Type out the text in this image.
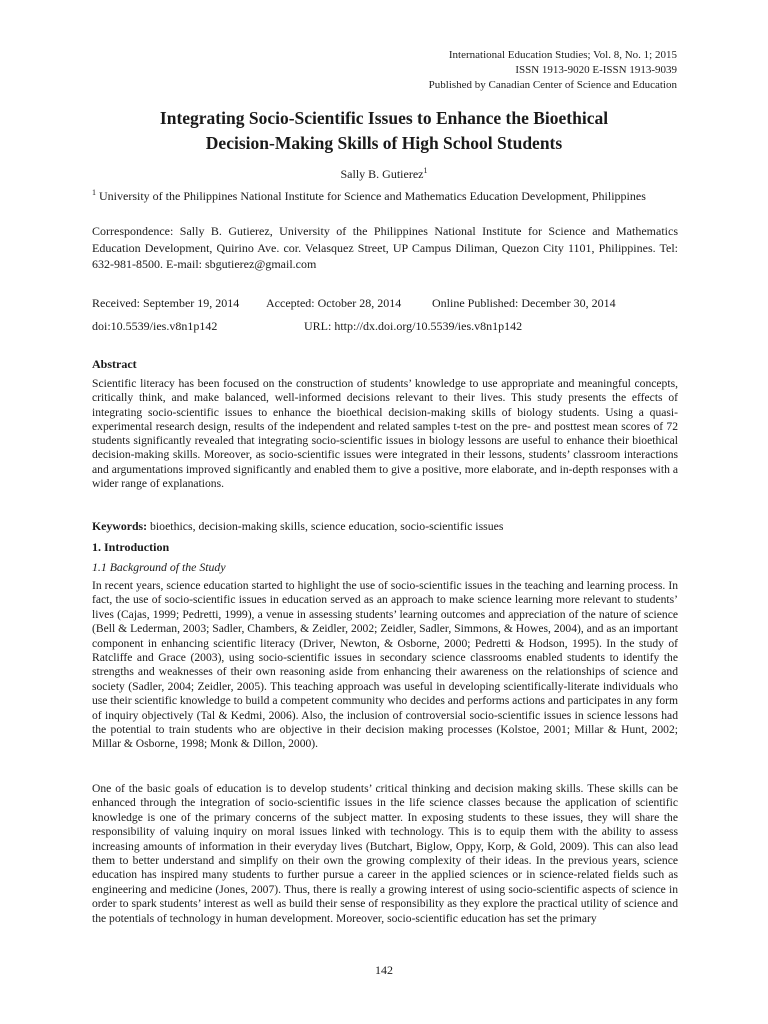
International Education Studies; Vol. 8, No. 1; 2015
ISSN 1913-9020 E-ISSN 1913-9039
Published by Canadian Center of Science and Education
Integrating Socio-Scientific Issues to Enhance the Bioethical
Decision-Making Skills of High School Students
Sally B. Gutierez$^1$
$^1$ University of the Philippines National Institute for Science and Mathematics Education Development, Philippines
Correspondence: Sally B. Gutierez, University of the Philippines National Institute for Science and Mathematics Education Development, Quirino Ave. cor. Velasquez Street, UP Campus Diliman, Quezon City 1101, Philippines. Tel: 632-981-8500. E-mail: sbgutierez@gmail.com
Received: September 19, 2014 Accepted: October 28, 2014	Online Published: December 30, 2014
doi:10.5539/ies.v8n1p142	URL: http://dx.doi.org/10.5539/ies.v8n1p142
Abstract
Scientific literacy has been focused on the construction of students’ knowledge to use appropriate and meaningful concepts, critically think, and make balanced, well-informed decisions relevant to their lives. This study presents the effects of integrating socio-scientific issues to enhance the bioethical decision-making skills of biology students. Using a quasi-experimental research design, results of the independent and related samples t-test on the pre- and posttest mean scores of 72 students significantly revealed that integrating socio-scientific issues in biology lessons are useful to enhance their bioethical decision-making skills. Moreover, as socio-scientific issues were integrated in their lessons, students’ classroom interactions and argumentations improved significantly and enabled them to give a positive, more elaborate, and in-depth responses with a wider range of explanations.
Keywords: bioethics, decision-making skills, science education, socio-scientific issues
1. Introduction
1.1 Background of the Study
In recent years, science education started to highlight the use of socio-scientific issues in the teaching and learning process. In fact, the use of socio-scientific issues in education served as an approach to make science learning more relevant to students’ lives (Cajas, 1999; Pedretti, 1999), a venue in assessing students’ learning outcomes and appreciation of the nature of science (Bell & Lederman, 2003; Sadler, Chambers, & Zeidler, 2002; Zeidler, Sadler, Simmons, & Howes, 2004), and as an important component in enhancing scientific literacy (Driver, Newton, & Osborne, 2000; Pedretti & Hodson, 1995). In the study of Ratcliffe and Grace (2003), using socio-scientific issues in secondary science classrooms enabled students to identify the strengths and weaknesses of their own reasoning aside from enhancing their awareness on the relationships of science and society (Sadler, 2004; Zeidler, 2005). This teaching approach was useful in developing scientifically-literate individuals who use their scientific knowledge to build a competent community who decides and performs actions and participates in any form of inquiry objectively (Tal & Kedmi, 2006). Also, the inclusion of controversial socio-scientific issues in science lessons had the potential to train students who are objective in their decision making processes (Kolstoe, 2001; Millar & Hunt, 2002; Millar & Osborne, 1998; Monk & Dillon, 2000).
One of the basic goals of education is to develop students’ critical thinking and decision making skills. These skills can be enhanced through the integration of socio-scientific issues in the life science classes because the application of scientific knowledge is one of the primary concerns of the subject matter. In exposing students to these issues, they will share the responsibility of valuing inquiry on moral issues linked with technology. This is to equip them with the ability to assess increasing amounts of information in their everyday lives (Butchart, Biglow, Oppy, Korp, & Gold, 2009). This can also lead them to better understand and simplify on their own the growing complexity of their ideas. In the previous years, science education has inspired many students to further pursue a career in the applied sciences or in science-related fields such as engineering and medicine (Jones, 2007). Thus, there is really a growing interest of using socio-scientific aspects of science in order to spark students’ interest as well as build their sense of responsibility as they explore the practical utility of science and the potentials of technology in human development. Moreover, socio-scientific education has set the primary
142
